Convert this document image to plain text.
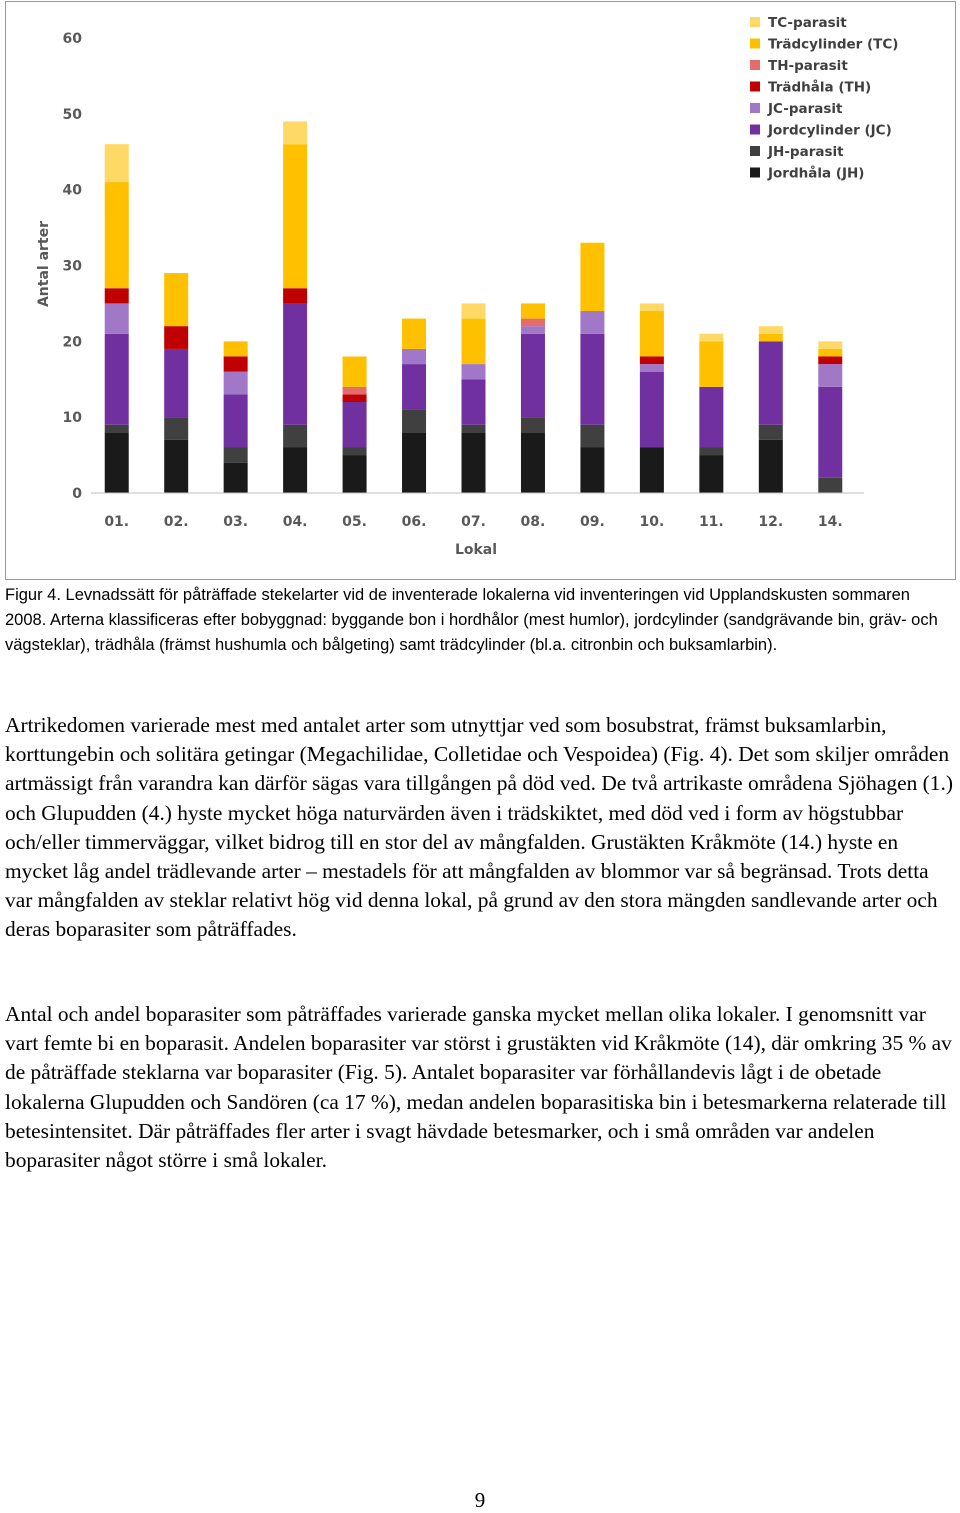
0
10
20
30
40
50
60
01. 02. 03. 04. 05. 06. 07. 08. 09. 10. 11. 12. 14.
TC-parasit
Trädcylinder (TC)
TH-parasit
Trädhåla (TH)
JC-parasit
Jordcylinder (JC)
JH-parasit
Jordhåla (JH)
Antal arter
Lokal
Figur 4. Levnadssätt för påträffade stekelarter vid de inventerade lokalerna vid inventeringen vid Upplandskusten sommaren 2008. Arterna klassificeras efter bobyggnad: byggande bon i hordhålor (mest humlor), jordcylinder (sandgrävande bin, gräv- och vägsteklar), trädhåla (främst hushumla och bålgeting) samt trädcylinder (bl.a. citronbin och buksamlarbin).
Artrikedomen varierade mest med antalet arter som utnyttjar ved som bosubstrat, främst buksamlarbin, korttungebin och solitära getingar (Megachilidae, Colletidae och Vespoidea) (Fig. 4). Det som skiljer områden artmässigt från varandra kan därför sägas vara tillgången på död ved. De två artrikaste områdena Sjöhagen (1.) och Glupudden (4.) hyste mycket höga naturvärden även i trädskiktet, med död ved i form av högstubbar och/eller timmerväggar, vilket bidrog till en stor del av mångfalden. Grustäkten Kråkmöte (14.) hyste en mycket låg andel trädlevande arter – mestadels för att mångfalden av blommor var så begränsad. Trots detta var mångfalden av steklar relativt hög vid denna lokal, på grund av den stora mängden sandlevande arter och deras boparasiter som påträffades.
Antal och andel boparasiter som påträffades varierade ganska mycket mellan olika lokaler. I genomsnitt var vart femte bi en boparasit. Andelen boparasiter var störst i grustäkten vid Kråkmöte (14), där omkring 35 % av de påträffade steklarna var boparasiter (Fig. 5). Antalet boparasiter var förhållandevis lågt i de obetade lokalerna Glupudden och Sandören (ca 17 %), medan andelen boparasitiska bin i betesmarkerna relaterade till betesintensitet. Där påträffades fler arter i svagt hävdade betesmarker, och i små områden var andelen boparasiter något större i små lokaler.
9
